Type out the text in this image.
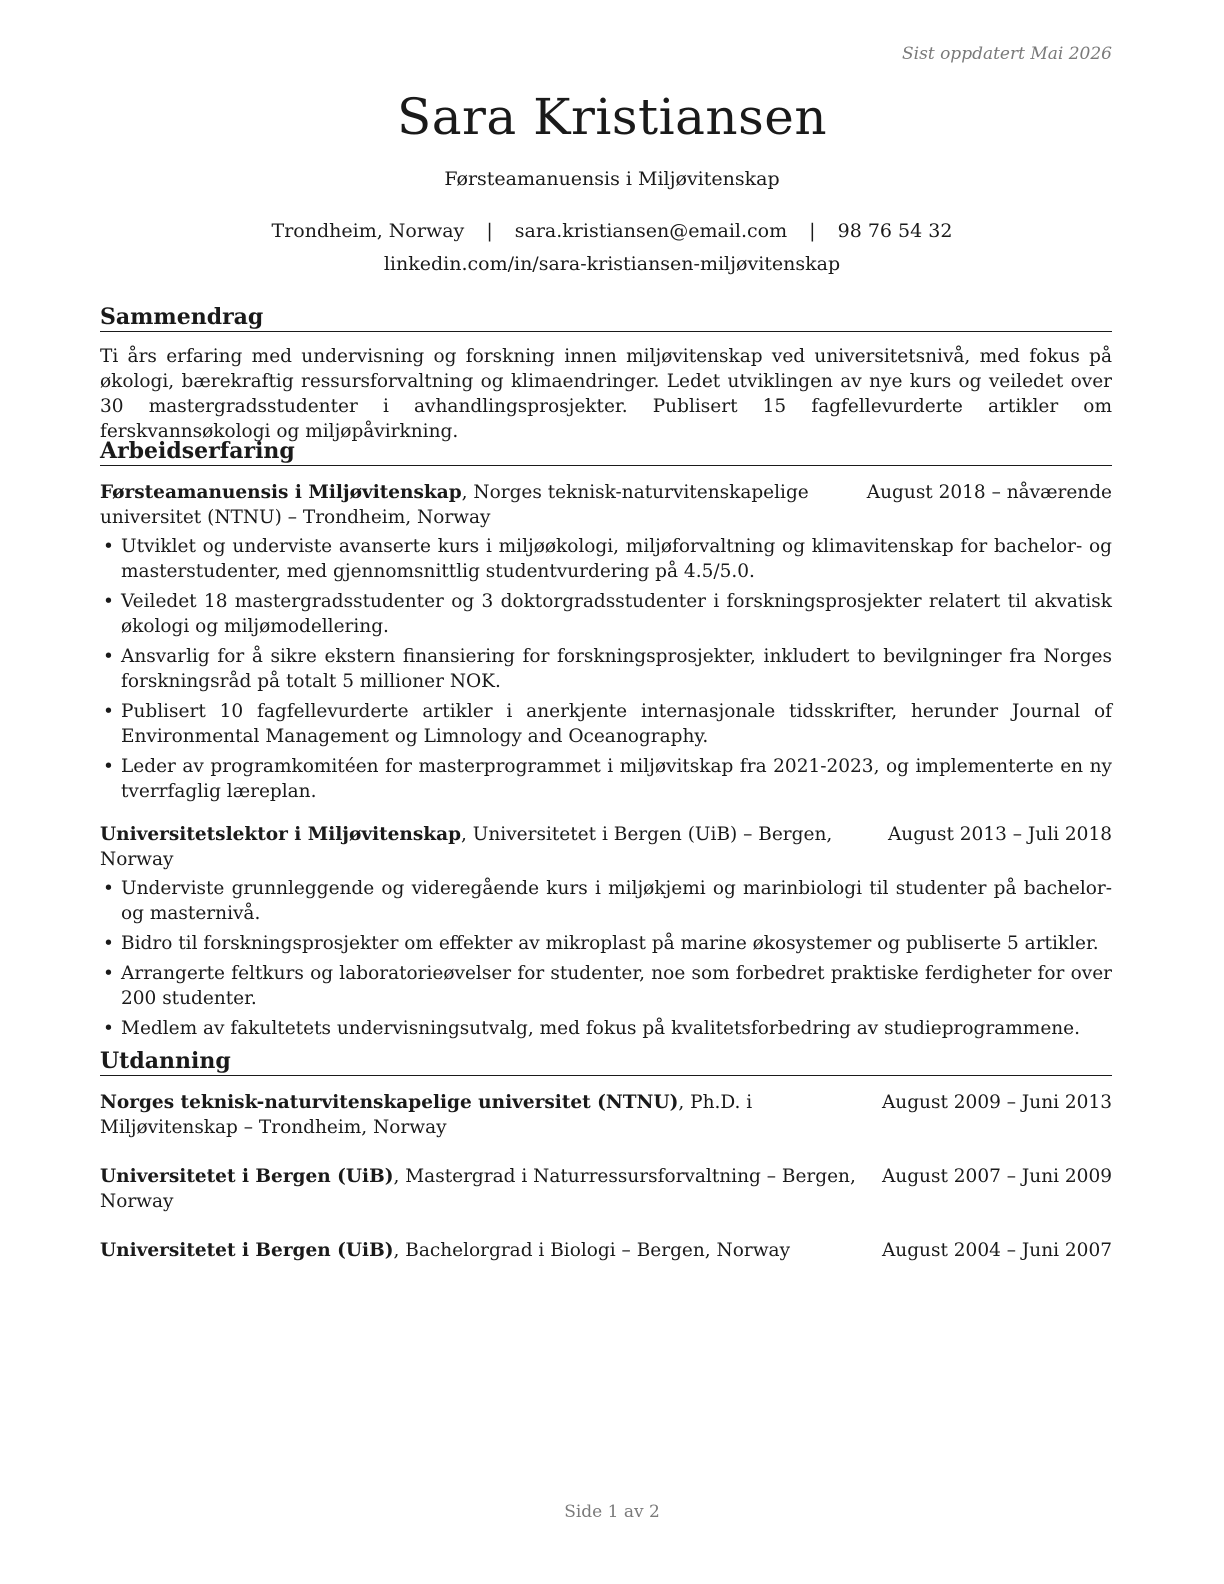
Sist oppdatert Mai 2026
Sara Kristiansen
Førsteamanuensis i Miljøvitenskap
Trondheim, Norway | sara.kristiansen@email.com | 98 76 54 32
linkedin.com/in/sara-kristiansen-miljøvitenskap
Sammendrag
Ti års erfaring med undervisning og forskning innen miljøvitenskap ved universitetsnivå, med fokus på økologi, bærekraftig ressursforvaltning og klimaendringer. Ledet utviklingen av nye kurs og veiledet over 30 mastergradsstudenter i avhandlingsprosjekter. Publisert 15 fagfellevurderte artikler om ferskvannsøkologi og miljøpåvirkning.
Arbeidserfaring
Førsteamanuensis i Miljøvitenskap, Norges teknisk-naturvitenskapelige universitet (NTNU) – Trondheim, Norway
August 2018 – nåværende
• Utviklet og underviste avanserte kurs i miljøøkologi, miljøforvaltning og klimavitenskap for bachelor- og masterstudenter, med gjennomsnittlig studentvurdering på 4.5/5.0.
• Veiledet 18 mastergradsstudenter og 3 doktorgradsstudenter i forskningsprosjekter relatert til akvatisk økologi og miljømodellering.
• Ansvarlig for å sikre ekstern finansiering for forskningsprosjekter, inkludert to bevilgninger fra Norges forskningsråd på totalt 5 millioner NOK.
• Publisert 10 fagfellevurderte artikler i anerkjente internasjonale tidsskrifter, herunder Journal of Environmental Management og Limnology and Oceanography.
• Leder av programkomitéen for masterprogrammet i miljøvitskap fra 2021-2023, og implementerte en ny tverrfaglig læreplan.
Universitetslektor i Miljøvitenskap, Universitetet i Bergen (UiB) – Bergen, Norway
August 2013 – Juli 2018
• Underviste grunnleggende og videregående kurs i miljøkjemi og marinbiologi til studenter på bachelor- og masternivå.
• Bidro til forskningsprosjekter om effekter av mikroplast på marine økosystemer og publiserte 5 artikler.
• Arrangerte feltkurs og laboratorieøvelser for studenter, noe som forbedret praktiske ferdigheter for over 200 studenter.
• Medlem av fakultetets undervisningsutvalg, med fokus på kvalitetsforbedring av studieprogrammene.
Utdanning
Norges teknisk-naturvitenskapelige universitet (NTNU), Ph.D. i Miljøvitenskap – Trondheim, Norway
August 2009 – Juni 2013
Universitetet i Bergen (UiB), Mastergrad i Naturressursforvaltning – Bergen, Norway
August 2007 – Juni 2009
Universitetet i Bergen (UiB), Bachelorgrad i Biologi – Bergen, Norway	August 2004 – Juni 2007
Side 1 av 2
